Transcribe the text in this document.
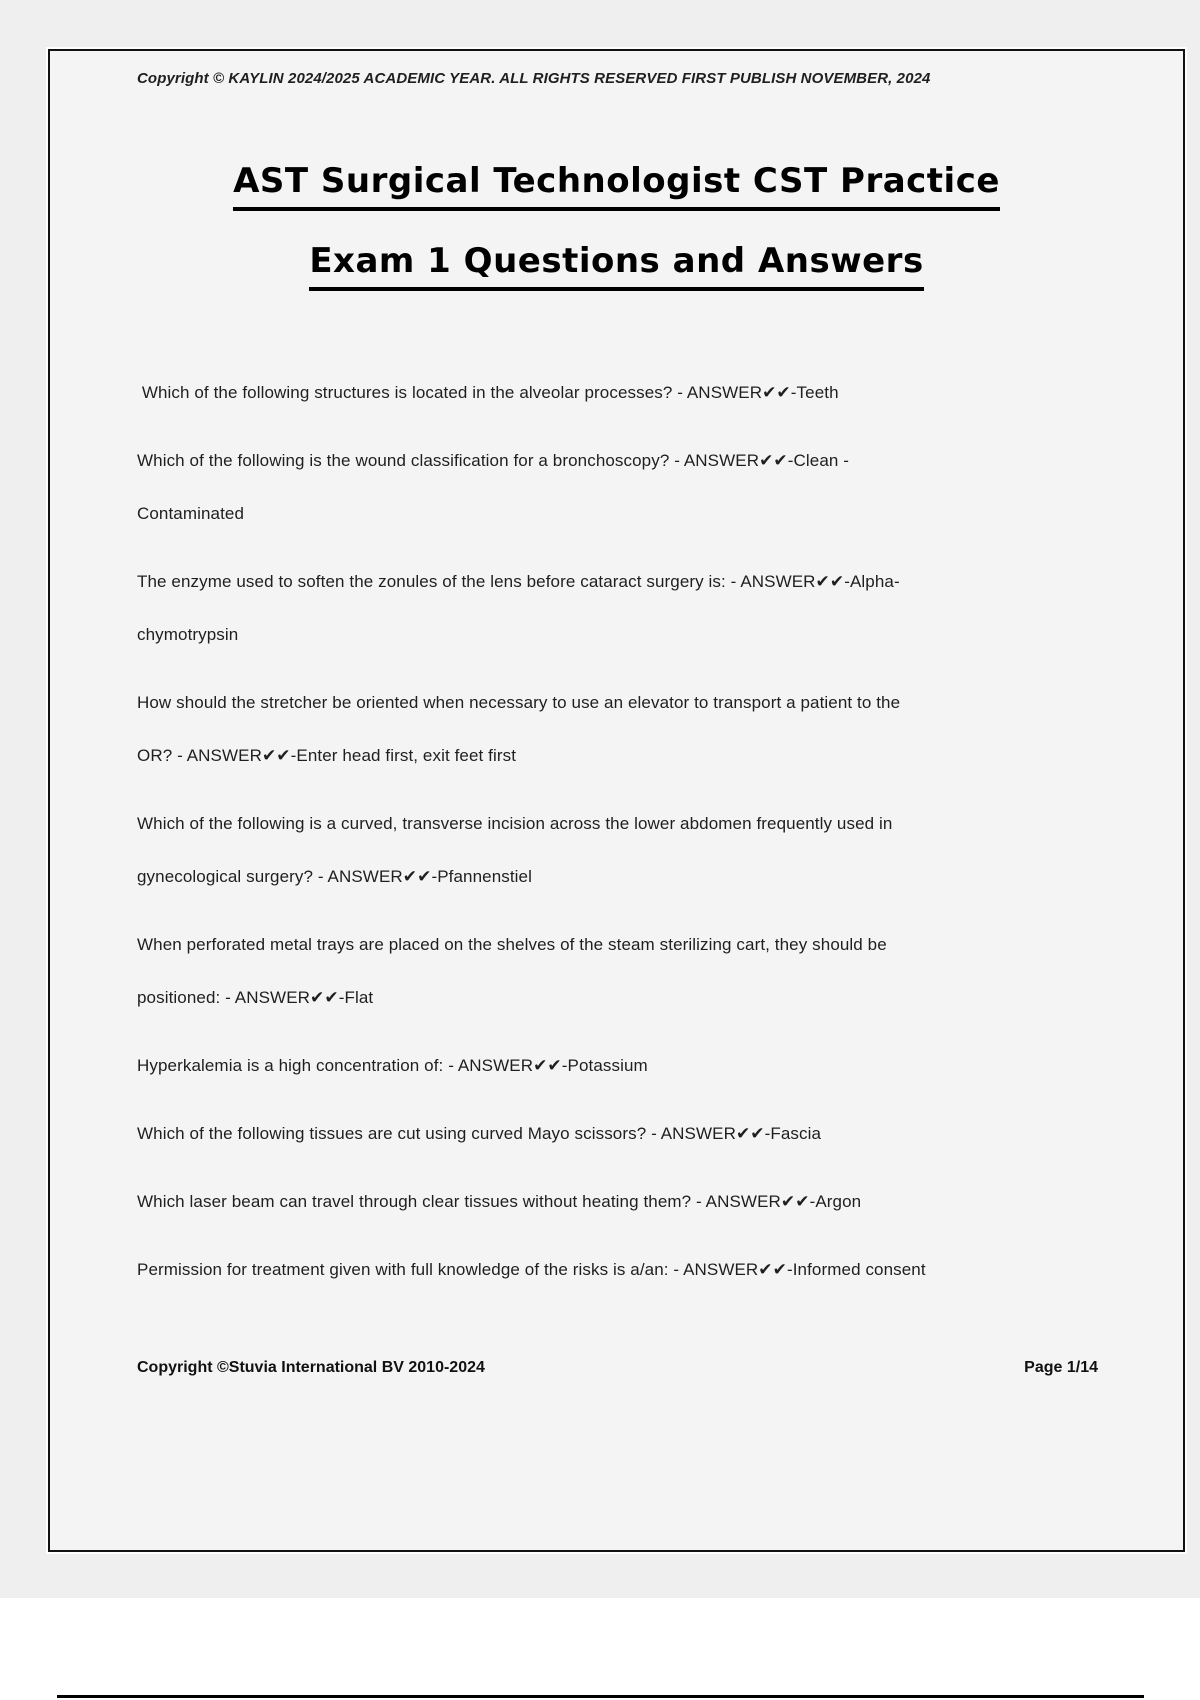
Copyright © KAYLIN 2024/2025 ACADEMIC YEAR. ALL RIGHTS RESERVED FIRST PUBLISH NOVEMBER, 2024
AST Surgical Technologist CST Practice
Exam 1 Questions and Answers
Which of the following structures is located in the alveolar processes? - ANSWER✔✔-Teeth
Which of the following is the wound classification for a bronchoscopy? - ANSWER✔✔-Clean -
Contaminated
The enzyme used to soften the zonules of the lens before cataract surgery is: - ANSWER✔✔-Alpha-
chymotrypsin
How should the stretcher be oriented when necessary to use an elevator to transport a patient to the
OR? - ANSWER✔✔-Enter head first, exit feet first
Which of the following is a curved, transverse incision across the lower abdomen frequently used in
gynecological surgery? - ANSWER✔✔-Pfannenstiel
When perforated metal trays are placed on the shelves of the steam sterilizing cart, they should be
positioned: - ANSWER✔✔-Flat
Hyperkalemia is a high concentration of: - ANSWER✔✔-Potassium
Which of the following tissues are cut using curved Mayo scissors? - ANSWER✔✔-Fascia
Which laser beam can travel through clear tissues without heating them? - ANSWER✔✔-Argon
Permission for treatment given with full knowledge of the risks is a/an: - ANSWER✔✔-Informed consent
Copyright ©Stuvia International BV 2010-2024	Page 1/14
